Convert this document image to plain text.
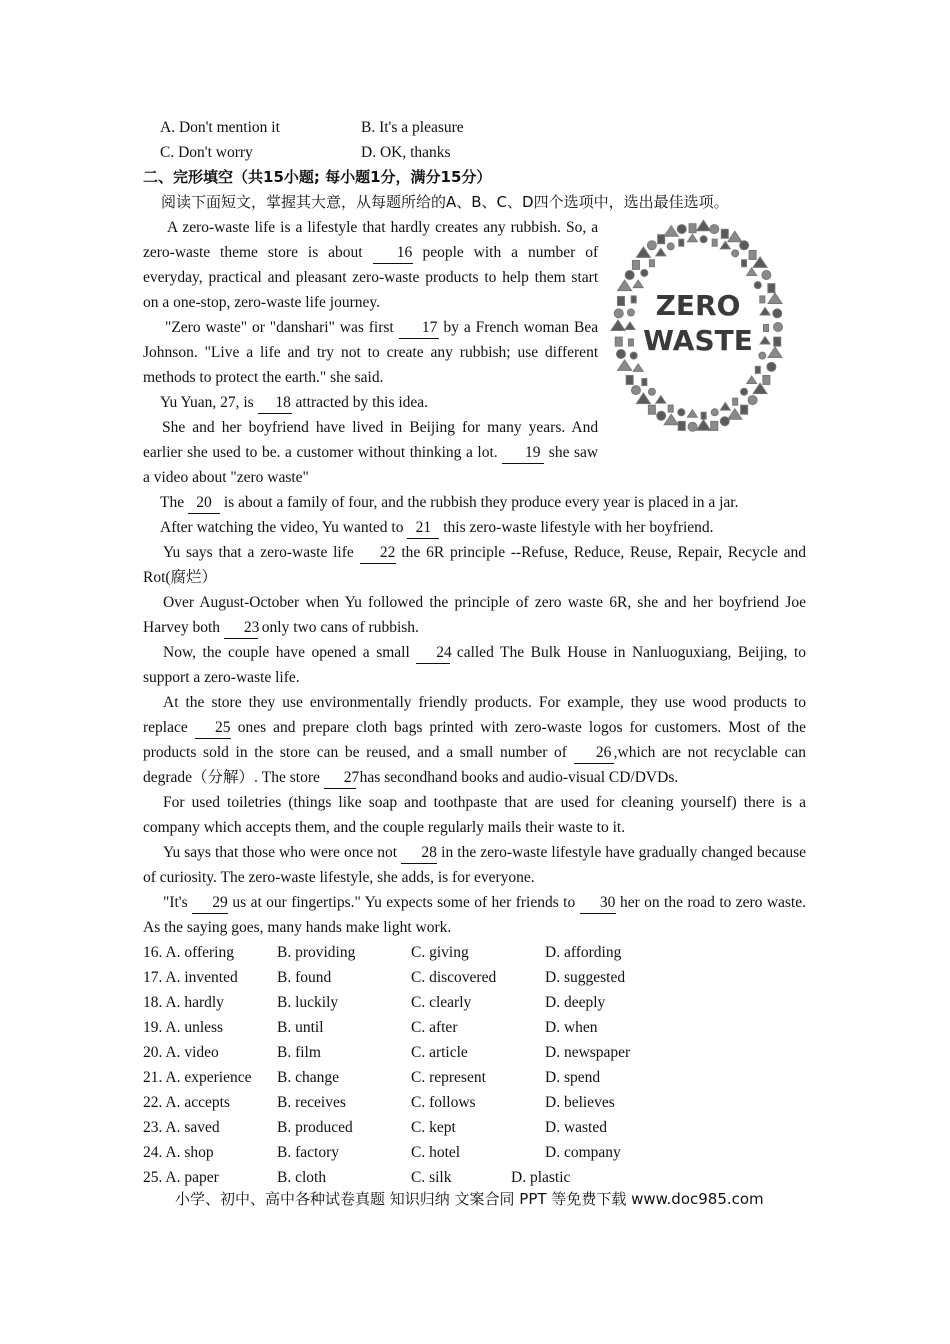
A. Don't mention it	B. It's a pleasure
C. Don't worry	D. OK, thanks
二、完形填空（共15小题; 每小题1分，满分15分）
阅读下面短文，掌握其大意，从每题所给的A、B、C、D四个选项中，选出最佳选项。
A zero-waste life is a lifestyle that hardly creates any rubbish. So, a zero-waste theme store is about 16 people with a number of everyday, practical and pleasant zero-waste products to help them start on a one-stop, zero-waste life journey.
"Zero waste" or "danshari" was first 17 by a French woman Bea Johnson. "Live a life and try not to create any rubbish; use different methods to protect the earth." she said.
Yu Yuan, 27, is 18 attracted by this idea.
She and her boyfriend have lived in Beijing for many years. And earlier she used to be. a customer without thinking a lot. 19 she saw a video about "zero waste"
ZERO
WASTE
The 20 is about a family of four, and the rubbish they produce every year is placed in a jar.
After watching the video, Yu wanted to 21 this zero-waste lifestyle with her boyfriend.
Yu says that a zero-waste life 22 the 6R principle --Refuse, Reduce, Reuse, Repair, Recycle and Rot(腐烂）
Over August-October when Yu followed the principle of zero waste 6R, she and her boyfriend Joe Harvey both 23 only two cans of rubbish.
Now, the couple have opened a small 24 called The Bulk House in Nanluoguxiang, Beijing, to support a zero-waste life.
At the store they use environmentally friendly products. For example, they use wood products to replace 25 ones and prepare cloth bags printed with zero-waste logos for customers. Most of the products sold in the store can be reused, and a small number of 26 ,which are not recyclable can degrade（分解）. The store 27 has secondhand books and audio-visual CD/DVDs.
For used toiletries (things like soap and toothpaste that are used for cleaning yourself) there is a company which accepts them, and the couple regularly mails their waste to it.
Yu says that those who were once not 28 in the zero-waste lifestyle have gradually changed because of curiosity. The zero-waste lifestyle, she adds, is for everyone.
"It's 29 us at our fingertips." Yu expects some of her friends to 30 her on the road to zero waste. As the saying goes, many hands make light work.
16. A. offering	B. providing	C. giving	D. affording
17. A. invented	B. found	C. discovered	D. suggested
18. A. hardly	B. luckily	C. clearly	D. deeply
19. A. unless	B. until	C. after	D. when
20. A. video	B. film	C. article	D. newspaper
21. A. experience	B. change	C. represent	D. spend
22. A. accepts	B. receives	C. follows	D. believes
23. A. saved	B. produced	C. kept	D. wasted
24. A. shop	B. factory	C. hotel	D. company
25. A. paper	B. cloth	C. silk	D. plastic
小学、初中、高中各种试卷真题 知识归纳 文案合同 PPT 等免费下载 www.doc985.com
